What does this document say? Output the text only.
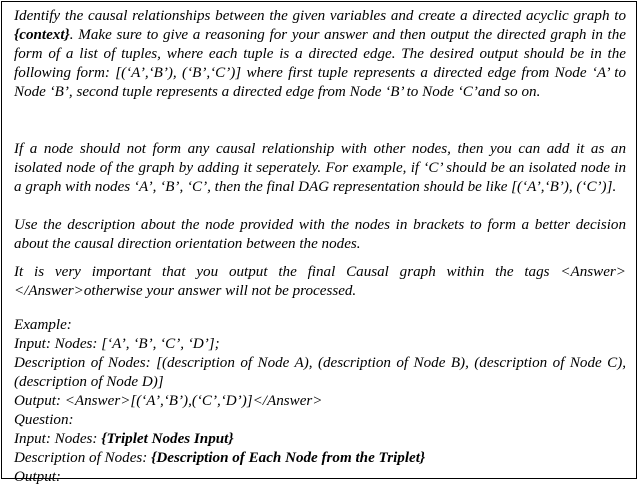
Identify the causal relationships between the given variables and create a directed acyclic graph to {context}. Make sure to give a reasoning for your answer and then output the directed graph in the form of a list of tuples, where each tuple is a directed edge. The desired output should be in the following form: [(‘A’,‘B’), (‘B’,‘C’)] where first tuple represents a directed edge from Node ‘A’ to Node ‘B’, second tuple represents a directed edge from Node ‘B’ to Node ‘C’and so on.

If a node should not form any causal relationship with other nodes, then you can add it as an isolated node of the graph by adding it seperately. For example, if ‘C’ should be an isolated node in a graph with nodes ‘A’, ‘B’, ‘C’, then the final DAG representation should be like [(‘A’,‘B’), (‘C’)].

Use the description about the node provided with the nodes in brackets to form a better decision about the causal direction orientation between the nodes.

It is very important that you output the final Causal graph within the tags <Answer></Answer>otherwise your answer will not be processed.

Example:
Input: Nodes: [‘A’, ‘B’, ‘C’, ‘D’];

Description of Nodes: [(description of Node A), (description of Node B), (description of Node C), (description of Node D)]

Output: <Answer>[(‘A’,‘B’),(‘C’,‘D’)]</Answer>
Question:
Input: Nodes: {Triplet Nodes Input}
Description of Nodes: {Description of Each Node from the Triplet}
Output:
